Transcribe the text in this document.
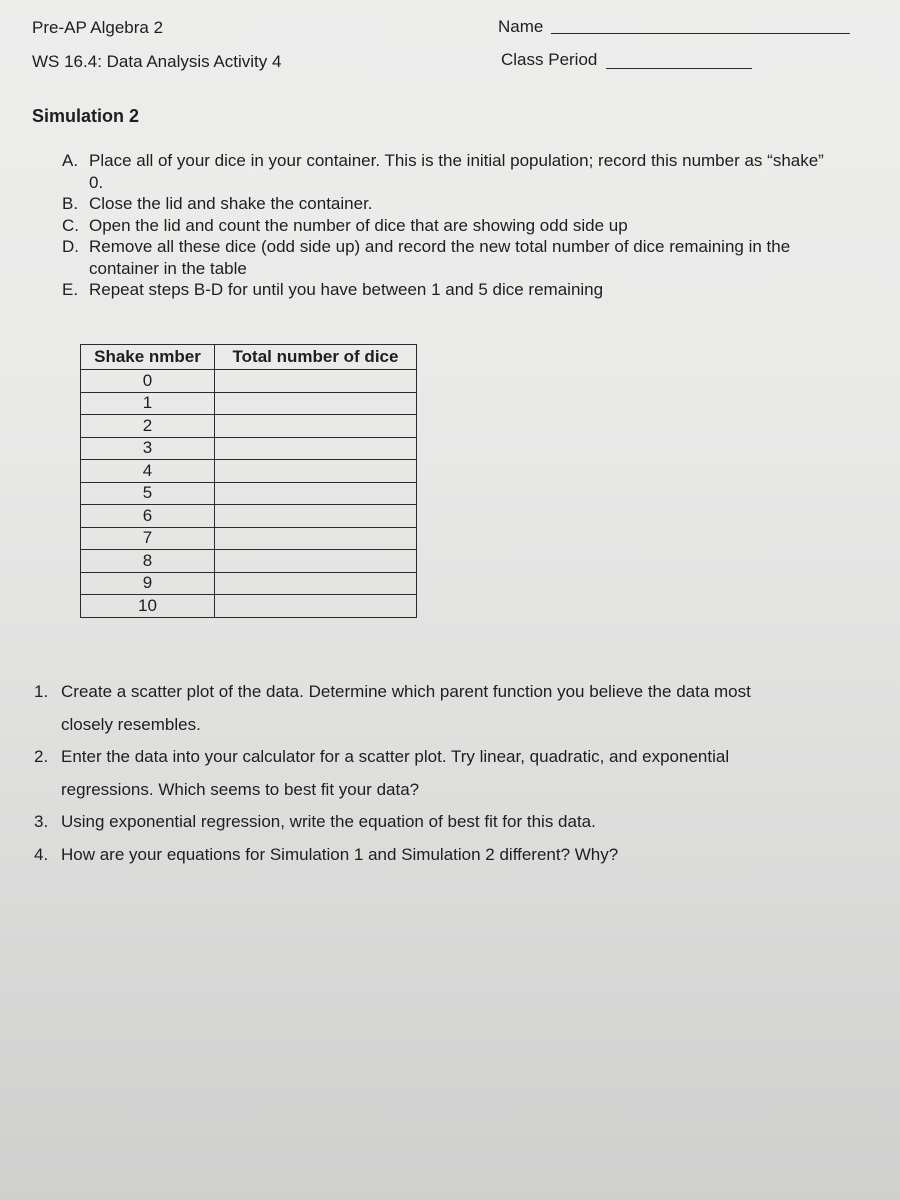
Pre-AP Algebra 2
WS 16.4: Data Analysis Activity 4
Name
Class Period
Simulation 2
A. Place all of your dice in your container. This is the initial population; record this number as “shake” 0.
B. Close the lid and shake the container.
C. Open the lid and count the number of dice that are showing odd side up
D. Remove all these dice (odd side up) and record the new total number of dice remaining in the container in the table
E. Repeat steps B-D for until you have between 1 and 5 dice remaining
Shake nmber	Total number of dice
0	
1	
2	
3	
4	
5	
6	
7	
8	
9	
10	
1. Create a scatter plot of the data. Determine which parent function you believe the data most closely resembles.
2. Enter the data into your calculator for a scatter plot. Try linear, quadratic, and exponential regressions. Which seems to best fit your data?
3. Using exponential regression, write the equation of best fit for this data.
4. How are your equations for Simulation 1 and Simulation 2 different? Why?
